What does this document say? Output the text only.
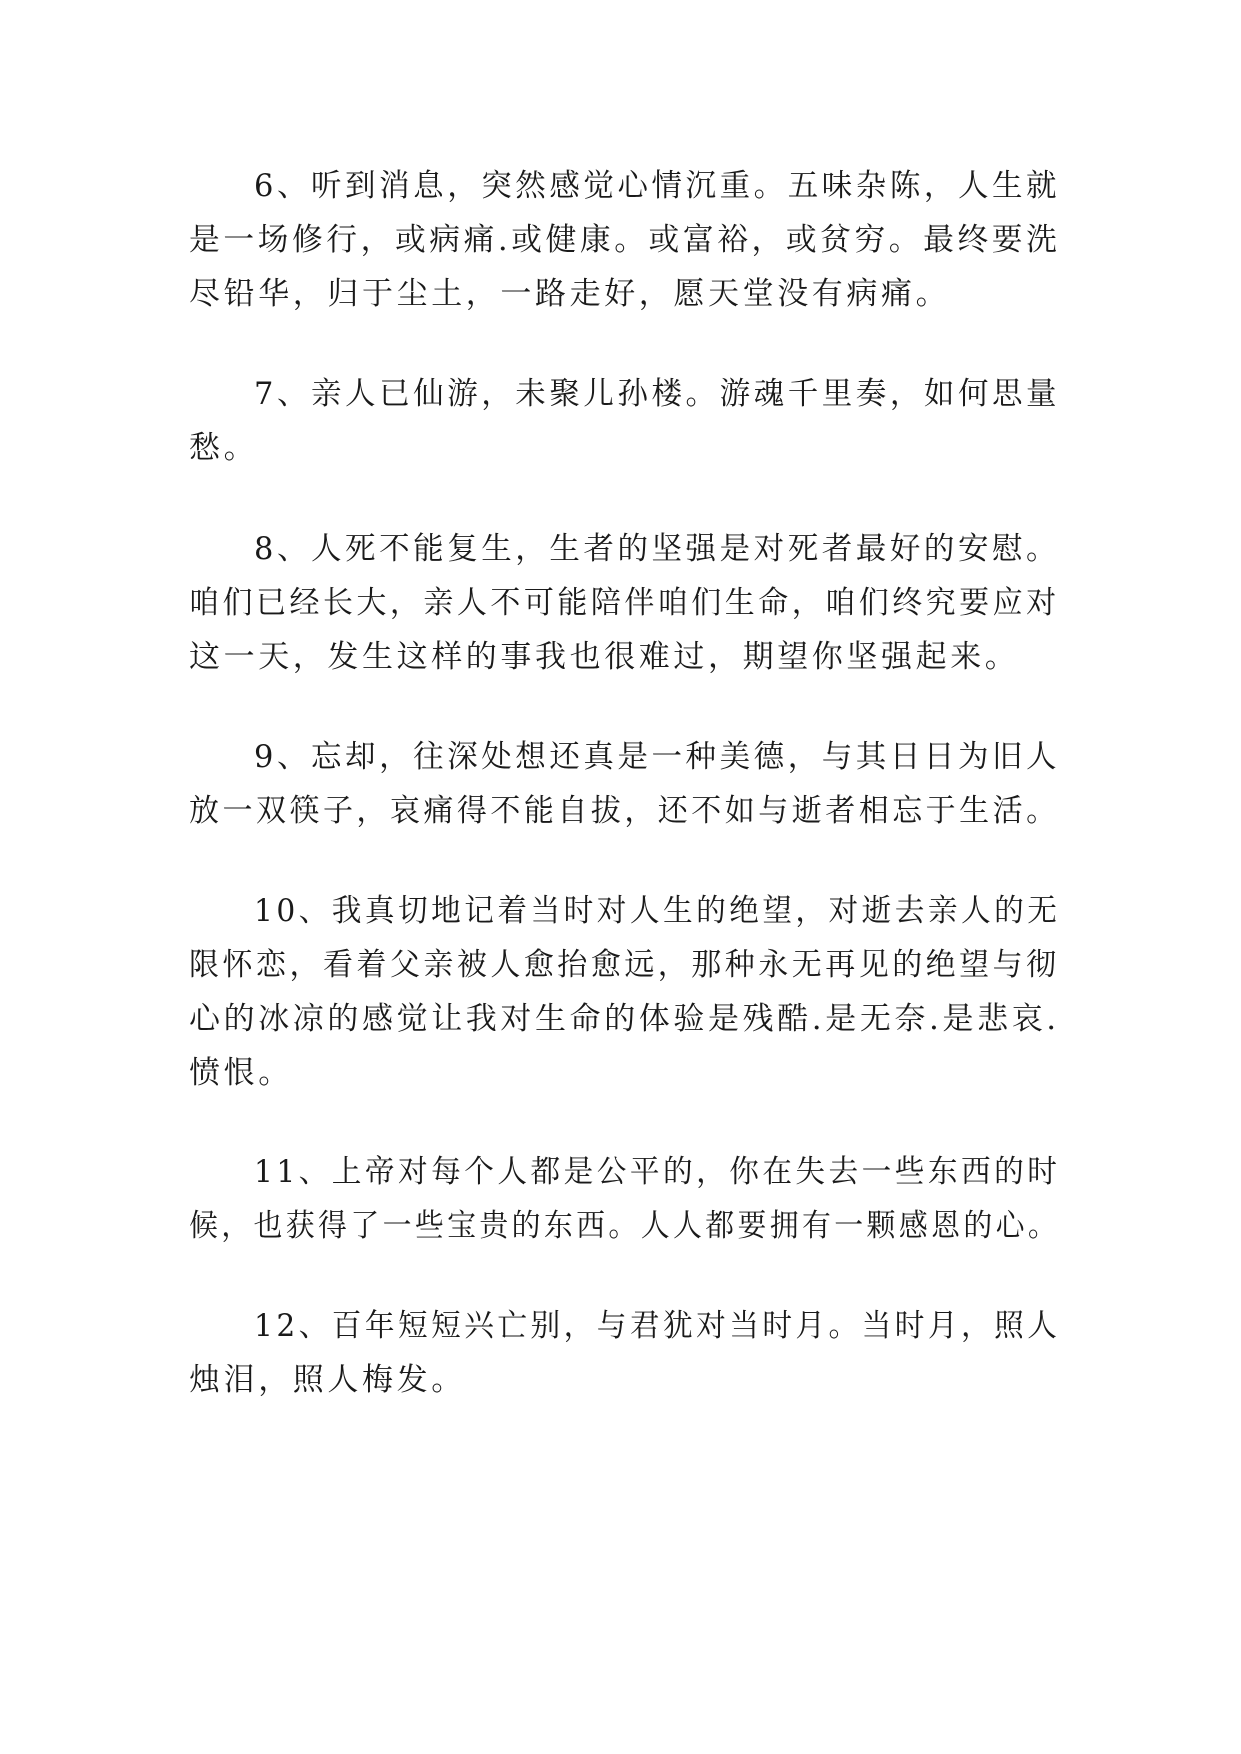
6、听到消息，突然感觉心情沉重。五味杂陈，人生就
是一场修行，或病痛.或健康。或富裕，或贫穷。最终要洗
尽铅华，归于尘土，一路走好，愿天堂没有病痛。
7、亲人已仙游，未聚儿孙楼。游魂千里奏，如何思量
愁。
8、人死不能复生，生者的坚强是对死者最好的安慰。
咱们已经长大，亲人不可能陪伴咱们生命，咱们终究要应对
这一天，发生这样的事我也很难过，期望你坚强起来。
9、忘却，往深处想还真是一种美德，与其日日为旧人
放一双筷子，哀痛得不能自拔，还不如与逝者相忘于生活。
10、我真切地记着当时对人生的绝望，对逝去亲人的无
限怀恋，看着父亲被人愈抬愈远，那种永无再见的绝望与彻
心的冰凉的感觉让我对生命的体验是残酷.是无奈.是悲哀.
愤恨。
11、上帝对每个人都是公平的，你在失去一些东西的时
候，也获得了一些宝贵的东西。人人都要拥有一颗感恩的心。
12、百年短短兴亡别，与君犹对当时月。当时月，照人
烛泪，照人梅发。
